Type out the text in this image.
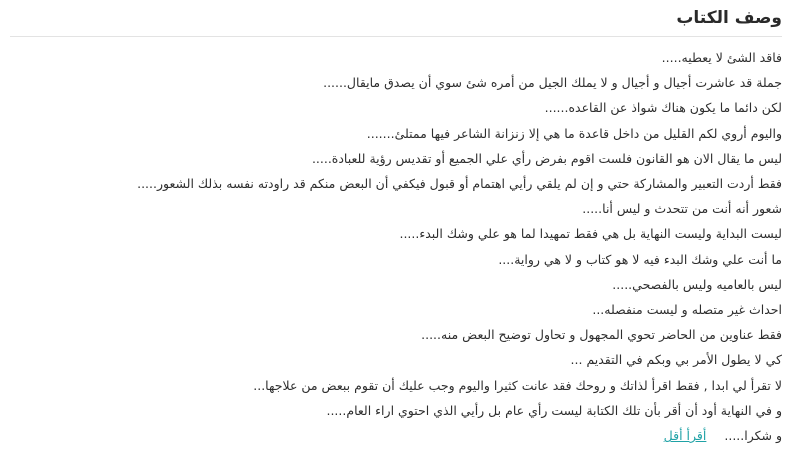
وصف الكتاب
فاقد الشئ لا يعطيه.....
جملة قد عاشرت أجيال و أجيال و لا يملك الجيل من أمره شئ سوي أن يصدق مايقال......
لكن دائما ما يكون هناك شواذ عن القاعده......
واليوم أروي لكم القليل من داخل قاعدة ما هي إلا زنزانة الشاعر فيها ممتلئ.......
ليس ما يقال الان هو القانون فلست اقوم بفرض رأي علي الجميع أو تقديس رؤية للعبادة.....
فقط أردت التعبير والمشاركة حتي و إن لم يلقي رأيي اهتمام أو قبول فيكفي أن البعض منكم قد راودته نفسه بذلك الشعور.....
شعور أنه أنت من تتحدث و ليس أنا.....
ليست البداية وليست النهاية بل هي فقط تمهيدا لما هو علي وشك البدء.....
ما أنت علي وشك البدء فيه لا هو كتاب و لا هي رواية....
ليس بالعاميه وليس بالفصحي.....
احداث غير متصله و ليست منفصله...
فقط عناوين من الحاضر تحوي المجهول و تحاول توضيح البعض منه.....
كي لا يطول الأمر بي وبكم في التقديم ...
لا تقرأ لي ابدا , فقط اقرأ لذاتك و روحك فقد عانت كثيرا واليوم وجب عليك أن تقوم ببعض من علاجها...
و في النهاية أود أن أقر بأن تلك الكتابة ليست رأي عام بل رأيي الذي احتوي اراء العام.....
و شكرا..... أقرأ أقل
